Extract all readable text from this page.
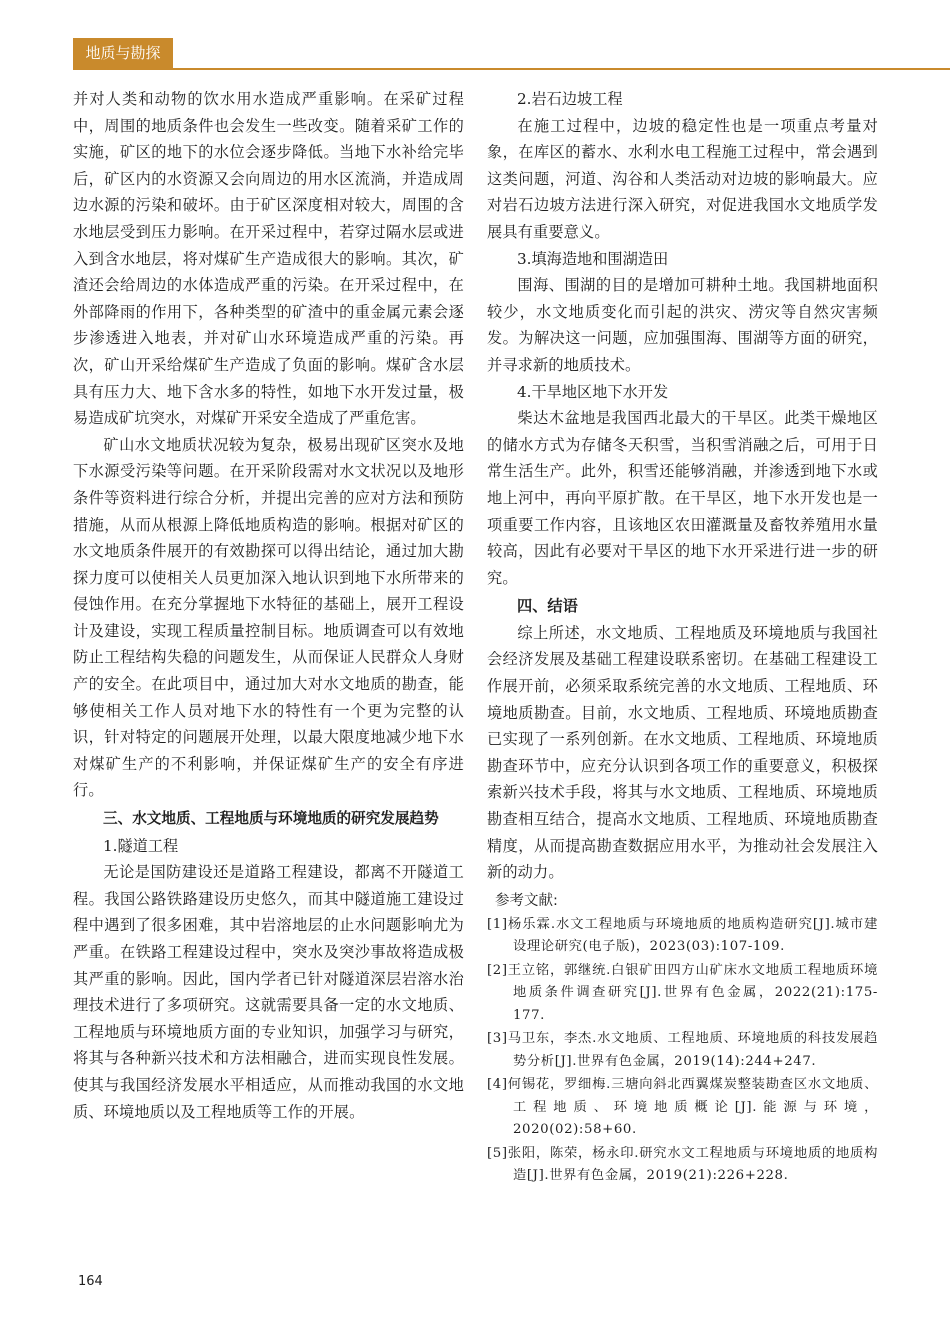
地质与勘探

并对人类和动物的饮水用水造成严重影响。在采矿过程中，周围的地质条件也会发生一些改变。随着采矿工作的实施，矿区的地下的水位会逐步降低。当地下水补给完毕后，矿区内的水资源又会向周边的用水区流淌，并造成周边水源的污染和破坏。由于矿区深度相对较大，周围的含水地层受到压力影响。在开采过程中，若穿过隔水层或进入到含水地层，将对煤矿生产造成很大的影响。其次，矿渣还会给周边的水体造成严重的污染。在开采过程中，在外部降雨的作用下，各种类型的矿渣中的重金属元素会逐步渗透进入地表，并对矿山水环境造成严重的污染。再次，矿山开采给煤矿生产造成了负面的影响。煤矿含水层具有压力大、地下含水多的特性，如地下水开发过量，极易造成矿坑突水，对煤矿开采安全造成了严重危害。

矿山水文地质状况较为复杂，极易出现矿区突水及地下水源受污染等问题。在开采阶段需对水文状况以及地形条件等资料进行综合分析，并提出完善的应对方法和预防措施，从而从根源上降低地质构造的影响。根据对矿区的水文地质条件展开的有效勘探可以得出结论，通过加大勘探力度可以使相关人员更加深入地认识到地下水所带来的侵蚀作用。在充分掌握地下水特征的基础上，展开工程设计及建设，实现工程质量控制目标。地质调查可以有效地防止工程结构失稳的问题发生，从而保证人民群众人身财产的安全。在此项目中，通过加大对水文地质的勘查，能够使相关工作人员对地下水的特性有一个更为完整的认识，针对特定的问题展开处理，以最大限度地减少地下水对煤矿生产的不利影响，并保证煤矿生产的安全有序进行。

三、水文地质、工程地质与环境地质的研究发展趋势
1.隧道工程

无论是国防建设还是道路工程建设，都离不开隧道工程。我国公路铁路建设历史悠久，而其中隧道施工建设过程中遇到了很多困难，其中岩溶地层的止水问题影响尤为严重。在铁路工程建设过程中，突水及突沙事故将造成极其严重的影响。因此，国内学者已针对隧道深层岩溶水治理技术进行了多项研究。这就需要具备一定的水文地质、工程地质与环境地质方面的专业知识，加强学习与研究，将其与各种新兴技术和方法相融合，进而实现良性发展。使其与我国经济发展水平相适应，从而推动我国的水文地质、环境地质以及工程地质等工作的开展。

2.岩石边坡工程

在施工过程中，边坡的稳定性也是一项重点考量对象，在库区的蓄水、水利水电工程施工过程中，常会遇到这类问题，河道、沟谷和人类活动对边坡的影响最大。应对岩石边坡方法进行深入研究，对促进我国水文地质学发展具有重要意义。

3.填海造地和围湖造田

围海、围湖的目的是增加可耕种土地。我国耕地面积较少，水文地质变化而引起的洪灾、涝灾等自然灾害频发。为解决这一问题，应加强围海、围湖等方面的研究，并寻求新的地质技术。

4.干旱地区地下水开发

柴达木盆地是我国西北最大的干旱区。此类干燥地区的储水方式为存储冬天积雪，当积雪消融之后，可用于日常生活生产。此外，积雪还能够消融，并渗透到地下水或地上河中，再向平原扩散。在干旱区，地下水开发也是一项重要工作内容，且该地区农田灌溉量及畜牧养殖用水量较高，因此有必要对干旱区的地下水开采进行进一步的研究。

四、结语

综上所述，水文地质、工程地质及环境地质与我国社会经济发展及基础工程建设联系密切。在基础工程建设工作展开前，必须采取系统完善的水文地质、工程地质、环境地质勘查。目前，水文地质、工程地质、环境地质勘查已实现了一系列创新。在水文地质、工程地质、环境地质勘查环节中，应充分认识到各项工作的重要意义，积极探索新兴技术手段，将其与水文地质、工程地质、环境地质勘查相互结合，提高水文地质、工程地质、环境地质勘查精度，从而提高勘查数据应用水平，为推动社会发展注入新的动力。

参考文献:
[1]杨乐霖.水文工程地质与环境地质的地质构造研究[J].城市建设理论研究(电子版)，2023(03):107-109.
[2]王立铭，郭继统.白银矿田四方山矿床水文地质工程地质环境地质条件调查研究[J].世界有色金属，2022(21):175-177.
[3]马卫东，李杰.水文地质、工程地质、环境地质的科技发展趋势分析[J].世界有色金属，2019(14):244+247.
[4]何锡花，罗细梅.三塘向斜北西翼煤炭整装勘查区水文地质、工程地质、环境地质概论[J].能源与环境，2020(02):58+60.
[5]张阳，陈荣，杨永印.研究水文工程地质与环境地质的地质构造[J].世界有色金属，2019(21):226+228.
164
